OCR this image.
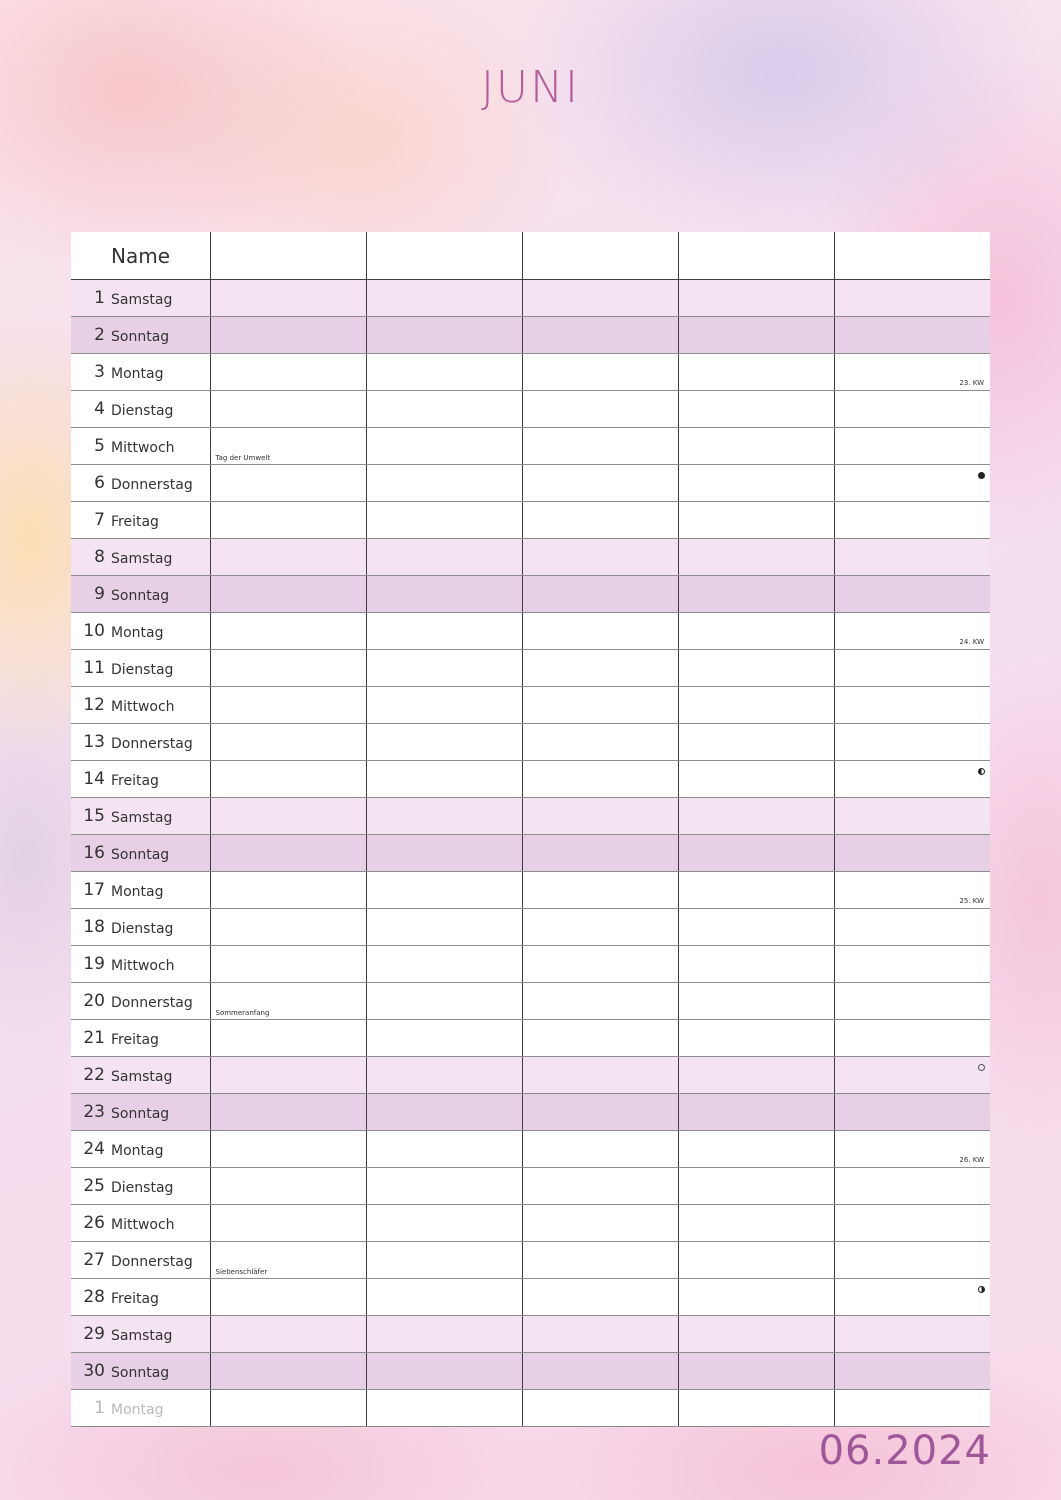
JUNI
Name					
1 Samstag					
2 Sonntag					
3 Montag					23. KW

4 Dienstag					
5 Mittwoch	Tag der Umwelt				

6 Donnerstag					

7 Freitag					
8 Samstag					
9 Sonntag					
10 Montag					24. KW

11 Dienstag					
12 Mittwoch					
13 Donnerstag					
14 Freitag					

15 Samstag					
16 Sonntag					
17 Montag					25. KW

18 Dienstag					
19 Mittwoch					
20 Donnerstag	Sommeranfang				

21 Freitag					
22 Samstag					

23 Sonntag					
24 Montag					26. KW

25 Dienstag					
26 Mittwoch					
27 Donnerstag	Siebenschläfer				

28 Freitag					

29 Samstag					
30 Sonntag					
1 Montag					
06.2024
